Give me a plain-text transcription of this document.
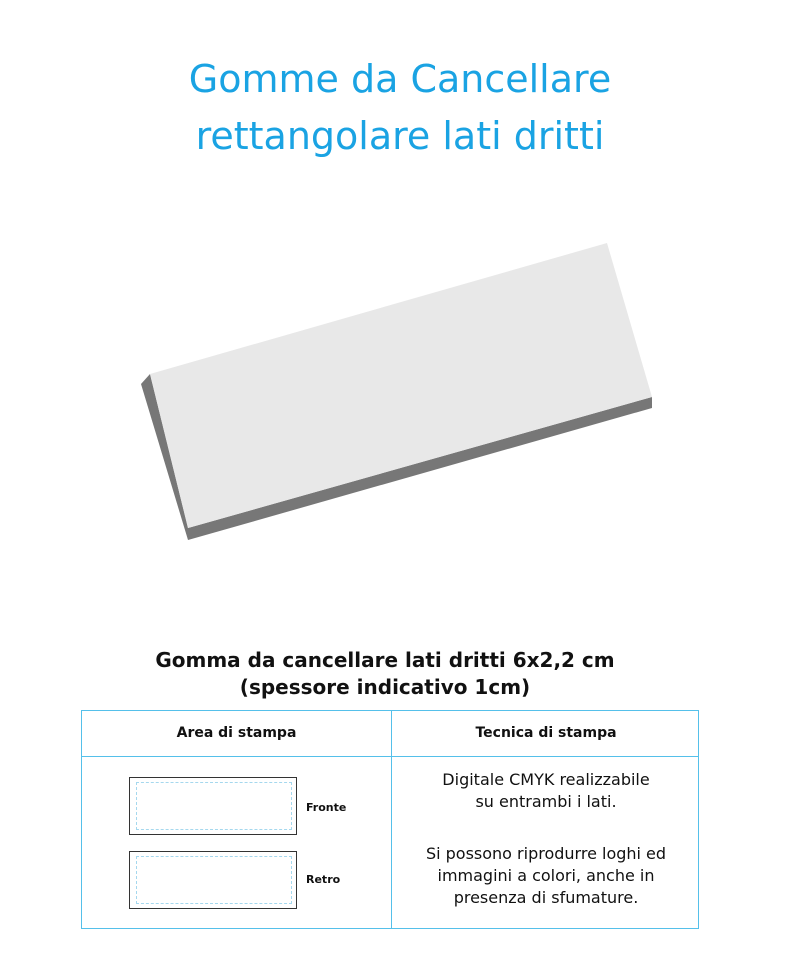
Gomme da Cancellare
rettangolare lati dritti
Gomma da cancellare lati dritti 6x2,2 cm
(spessore indicativo 1cm)
Area di stampa	Tecnica di stampa
Fronte
Retro

Digitale CMYK realizzabile

su entrambi i lati.

Si possono riprodurre loghi ed

immagini a colori, anche in

presenza di sfumature.
